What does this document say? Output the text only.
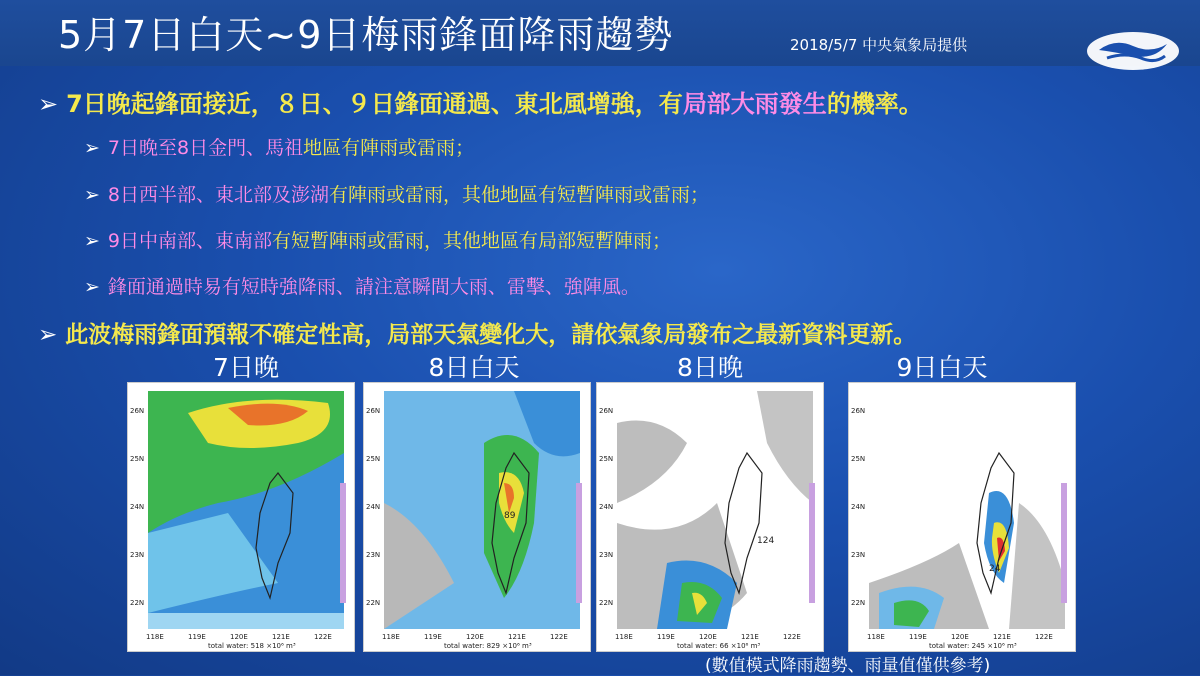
5月7日白天~9日梅雨鋒面降雨趨勢	2018/5/7 中央氣象局提供
➢ 7日晚起鋒面接近，８日、９日鋒面通過、東北風增強，有局部大雨發生的機率。
➢ 7日晚至8日金門、馬祖地區有陣雨或雷雨；
➢ 8日西半部、東北部及澎湖有陣雨或雷雨，其他地區有短暫陣雨或雷雨；
➢ 9日中南部、東南部有短暫陣雨或雷雨，其他地區有局部短暫陣雨；
➢ 鋒面通過時易有短時強降雨、請注意瞬間大雨、雷擊、強陣風。
➢ 此波梅雨鋒面預報不確定性高，局部天氣變化大，請依氣象局發布之最新資料更新。
7日晚	8日白天	8日晚	9日白天
26N
25N
24N
23N
22N
118E	119E	120E	121E	122E
total water: 518 ×10⁶ m³
89
26N
25N
24N
23N
22N
118E	119E	120E	121E	122E
total water: 829 ×10⁶ m³
124
26N
25N
24N
23N
22N
118E	119E	120E	121E	122E
total water: 66 ×10⁶ m³
24
26N
25N
24N
23N
22N
118E	119E	120E	121E	122E
total water: 245 ×10⁶ m³
(數值模式降雨趨勢、雨量值僅供參考)
